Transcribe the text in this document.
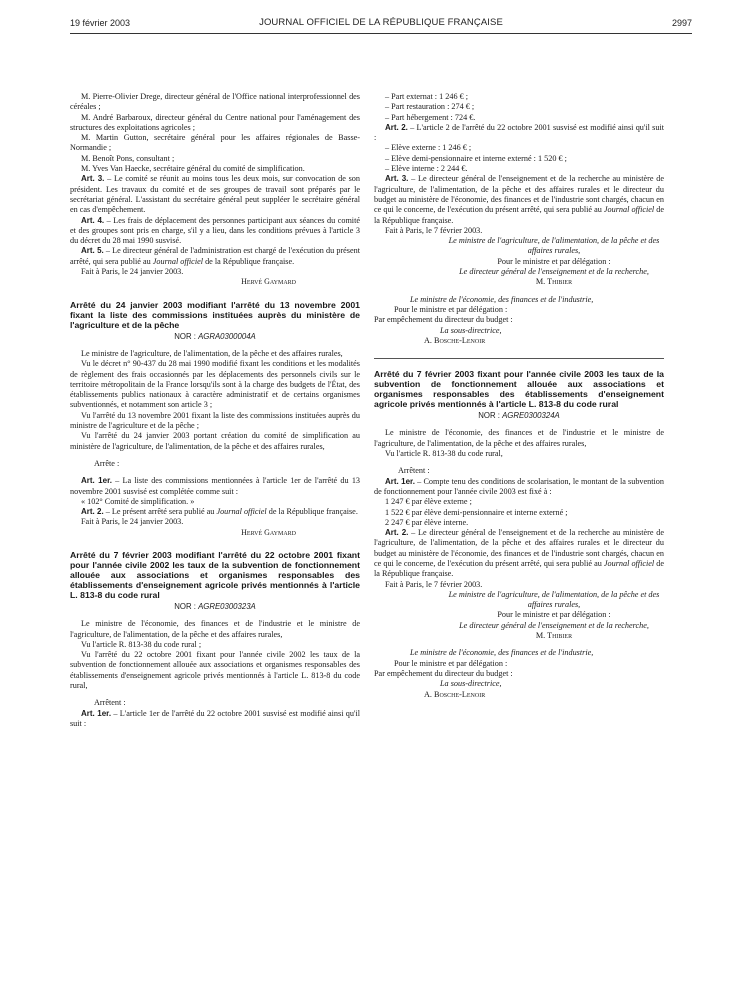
19 février 2003	JOURNAL OFFICIEL DE LA RÉPUBLIQUE FRANÇAISE	2997

M. Pierre-Olivier Drege, directeur général de l'Office national interprofessionnel des céréales ;

M. André Barbaroux, directeur général du Centre national pour l'aménagement des structures des exploitations agricoles ;

M. Martin Gutton, secrétaire général pour les affaires régionales de Basse-Normandie ;

M. Benoît Pons, consultant ;

M. Yves Van Haecke, secrétaire général du comité de simplification.

Art. 3. – Le comité se réunit au moins tous les deux mois, sur convocation de son président. Les travaux du comité et de ses groupes de travail sont préparés par le secrétariat général. L'assistant du secrétaire général peut suppléer le secrétaire général en cas d'empêchement.

Art. 4. – Les frais de déplacement des personnes participant aux séances du comité et des groupes sont pris en charge, s'il y a lieu, dans les conditions prévues à l'article 3 du décret du 28 mai 1990 susvisé.

Art. 5. – Le directeur général de l'administration est chargé de l'exécution du présent arrêté, qui sera publié au Journal officiel de la République française.

Fait à Paris, le 24 janvier 2003.

Hervé Gaymard
Arrêté du 24 janvier 2003 modifiant l'arrêté du 13 novembre 2001 fixant la liste des commissions instituées auprès du ministère de l'agriculture et de la pêche
NOR : AGRA0300004A

Le ministre de l'agriculture, de l'alimentation, de la pêche et des affaires rurales,

Vu le décret n° 90-437 du 28 mai 1990 modifié fixant les conditions et les modalités de règlement des frais occasionnés par les déplacements des personnels civils sur le territoire métropolitain de la France lorsqu'ils sont à la charge des budgets de l'État, des établissements publics nationaux à caractère administratif et de certains organismes subventionnés, et notamment son article 3 ;

Vu l'arrêté du 13 novembre 2001 fixant la liste des commissions instituées auprès du ministre de l'agriculture et de la pêche ;

Vu l'arrêté du 24 janvier 2003 portant création du comité de simplification au ministère de l'agriculture, de l'alimentation, de la pêche et des affaires rurales,

Arrête :

Art. 1er. – La liste des commissions mentionnées à l'article 1er de l'arrêté du 13 novembre 2001 susvisé est complétée comme suit :

« 102° Comité de simplification. »

Art. 2. – Le présent arrêté sera publié au Journal officiel de la République française.

Fait à Paris, le 24 janvier 2003.

Hervé Gaymard
Arrêté du 7 février 2003 modifiant l'arrêté du 22 octobre 2001 fixant pour l'année civile 2002 les taux de la subvention de fonctionnement allouée aux associations et organismes responsables des établissements d'enseignement agricole privés mentionnés à l'article L. 813-8 du code rural
NOR : AGRE0300323A

Le ministre de l'économie, des finances et de l'industrie et le ministre de l'agriculture, de l'alimentation, de la pêche et des affaires rurales,

Vu l'article R. 813-38 du code rural ;

Vu l'arrêté du 22 octobre 2001 fixant pour l'année civile 2002 les taux de la subvention de fonctionnement allouée aux associations et organismes responsables des établissements d'enseignement agricole privés mentionnés à l'article L. 813-8 du code rural,

Arrêtent :

Art. 1er. – L'article 1er de l'arrêté du 22 octobre 2001 susvisé est modifié ainsi qu'il suit :

– Part externat : 1 246 € ;

– Part restauration : 274 € ;

– Part hébergement : 724 €.

Art. 2. – L'article 2 de l'arrêté du 22 octobre 2001 susvisé est modifié ainsi qu'il suit :

– Elève externe : 1 246 € ;

– Elève demi-pensionnaire et interne externé : 1 520 € ;

– Elève interne : 2 244 €.

Art. 3. – Le directeur général de l'enseignement et de la recherche au ministère de l'agriculture, de l'alimentation, de la pêche et des affaires rurales et le directeur du budget au ministère de l'économie, des finances et de l'industrie sont chargés, chacun en ce qui le concerne, de l'exécution du présent arrêté, qui sera publié au Journal officiel de la République française.

Fait à Paris, le 7 février 2003.

Le ministre de l'agriculture, de l'alimentation, de la pêche et des affaires rurales,
Pour le ministre et par délégation :
Le directeur général de l'enseignement et de la recherche,
M. Thibier
Le ministre de l'économie, des finances et de l'industrie,
Pour le ministre et par délégation :
Par empêchement du directeur du budget :
La sous-directrice,
A. Bosche-Lenoir
Arrêté du 7 février 2003 fixant pour l'année civile 2003 les taux de la subvention de fonctionnement allouée aux associations et organismes responsables des établissements d'enseignement agricole privés mentionnés à l'article L. 813-8 du code rural
NOR : AGRE0300324A

Le ministre de l'économie, des finances et de l'industrie et le ministre de l'agriculture, de l'alimentation, de la pêche et des affaires rurales,

Vu l'article R. 813-38 du code rural,

Arrêtent :

Art. 1er. – Compte tenu des conditions de scolarisation, le montant de la subvention de fonctionnement pour l'année civile 2003 est fixé à :

1 247 € par élève externe ;

1 522 € par élève demi-pensionnaire et interne externé ;

2 247 € par élève interne.

Art. 2. – Le directeur général de l'enseignement et de la recherche au ministère de l'agriculture, de l'alimentation, de la pêche et des affaires rurales et le directeur du budget au ministère de l'économie, des finances et de l'industrie sont chargés, chacun en ce qui le concerne, de l'exécution du présent arrêté, qui sera publié au Journal officiel de la République française.

Fait à Paris, le 7 février 2003.

Le ministre de l'agriculture, de l'alimentation, de la pêche et des affaires rurales,
Pour le ministre et par délégation :
Le directeur général de l'enseignement et de la recherche,
M. Thibier
Le ministre de l'économie, des finances et de l'industrie,
Pour le ministre et par délégation :
Par empêchement du directeur du budget :
La sous-directrice,
A. Bosche-Lenoir
